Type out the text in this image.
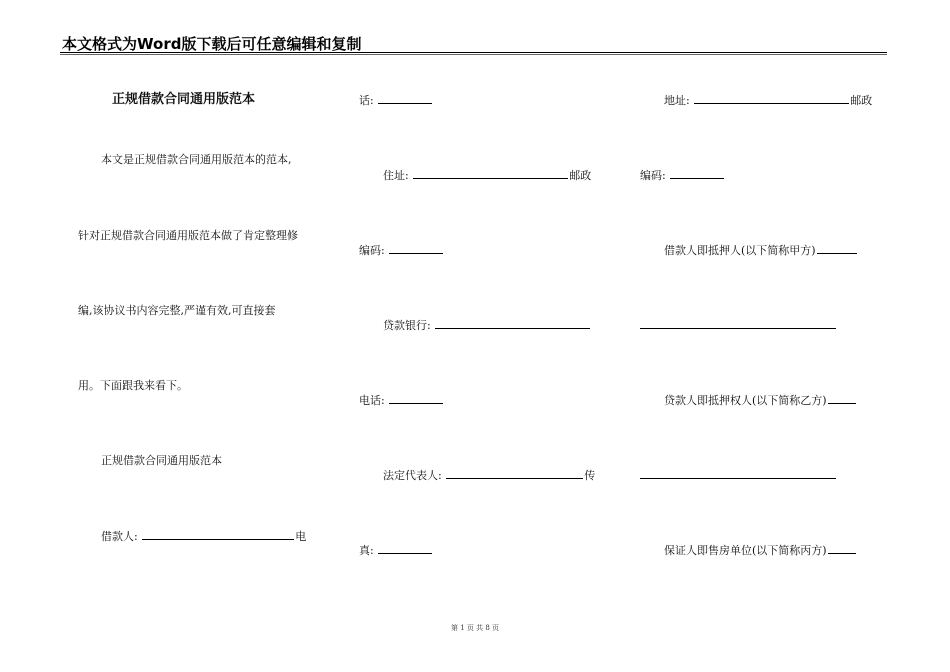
本文格式为Word版下载后可任意编辑和复制
正规借款合同通用版范本
本文是正规借款合同通用版范本的范本,
针对正规借款合同通用版范本做了肯定整理修
编,该协议书内容完整,严谨有效,可直接套
用。下面跟我来看下。
正规借款合同通用版范本
借款人:	电
话:
住址:	邮政
编码:
贷款银行:
电话:
法定代表人:	传
真:
地址:	邮政
编码:
借款人即抵押人(以下简称甲方)
贷款人即抵押权人(以下简称乙方)
保证人即售房单位(以下简称丙方)
第 1 页 共 8 页
